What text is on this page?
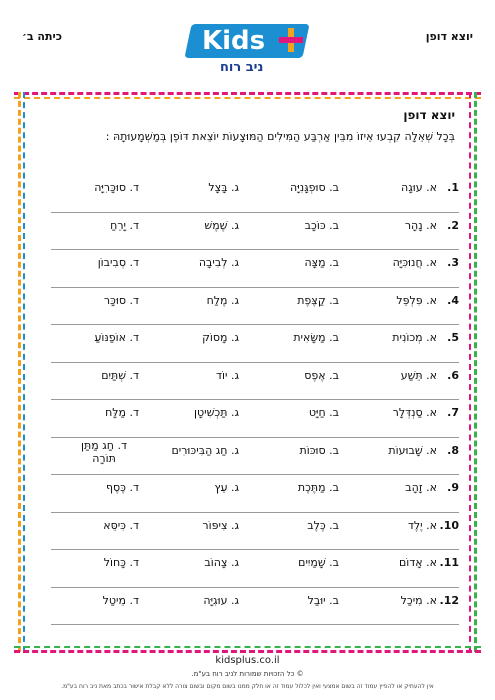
יוצא דופן
כיתה ב׳	Kids
ניב רוח
יוצא דופן
בְּכָל שְׁאֵלָה קִבְעוּ אֵיזוֹ מִבֵּין אַרְבַּע הַמִּילִים הַמּוּצָעוֹת יוֹצֵאת דּוֹפֶן בְּמַשְׁמָעוּתָהּ :
1.
א. עוּגָה
ב. סוּפְגָּנִיָּה
ג. בָּצָל
ד. סוּכָּרִיָּה
2.
א. נָהָר
ב. כּוֹכָב
ג. שֶׁמֶשׁ
ד. יָרֵחַ
3.
א. חֲנוּכִּיָּה
ב. מַצָּה
ג. לְבִיבָה
ד. סְבִיבוֹן
4.
א. פִּלְפֵּל
ב. קַצֶּפֶת
ג. מֶלַח
ד. סוּכָּר
5.
א. מְכוֹנִית
ב. מַשָּׂאִית
ג. מָסוֹק
ד. אוֹפַנּוֹעַ
6.
א. תֵּשַׁע
ב. אֶפֶס
ג. יוֹד
ד. שְׁתַּיִם
7.
א. סַנְדְּלָר
ב. חַיָּט
ג. תַּכְשִׁיטָן
ד. מַלָּח
8.
א. שָׁבוּעוֹת
ב. סוּכּוֹת
ג. חַג הַבִּיכּוּרִים
ד. חַג מַתַּן תּוֹרָה
9.
א. זָהָב
ב. מַתֶּכֶת
ג. עֵץ
ד. כֶּסֶף
10.
א. יֶלֶד
ב. כֶּלֶב
ג. צִיפּוֹר
ד. כִּיסֵּא
11.
א. אָדוֹם
ב. שָׁמַיִים
ג. צָהוֹב
ד. כָּחוֹל
12.
א. מִיכַל
ב. יוּבַל
ג. עוּגִיָּה
ד. מֵיטַל
kidsplus.co.il
© כל הזכויות שמורות לניב רוח בע"מ.
אין להעתיק או להפיץ עמוד זה בשום אמצעי ואין לכלול עמוד זה או חלק ממנו בשום מקום ובשום צורה ללא קבלת אישור בכתב מאת ניב רוח בע"מ.
